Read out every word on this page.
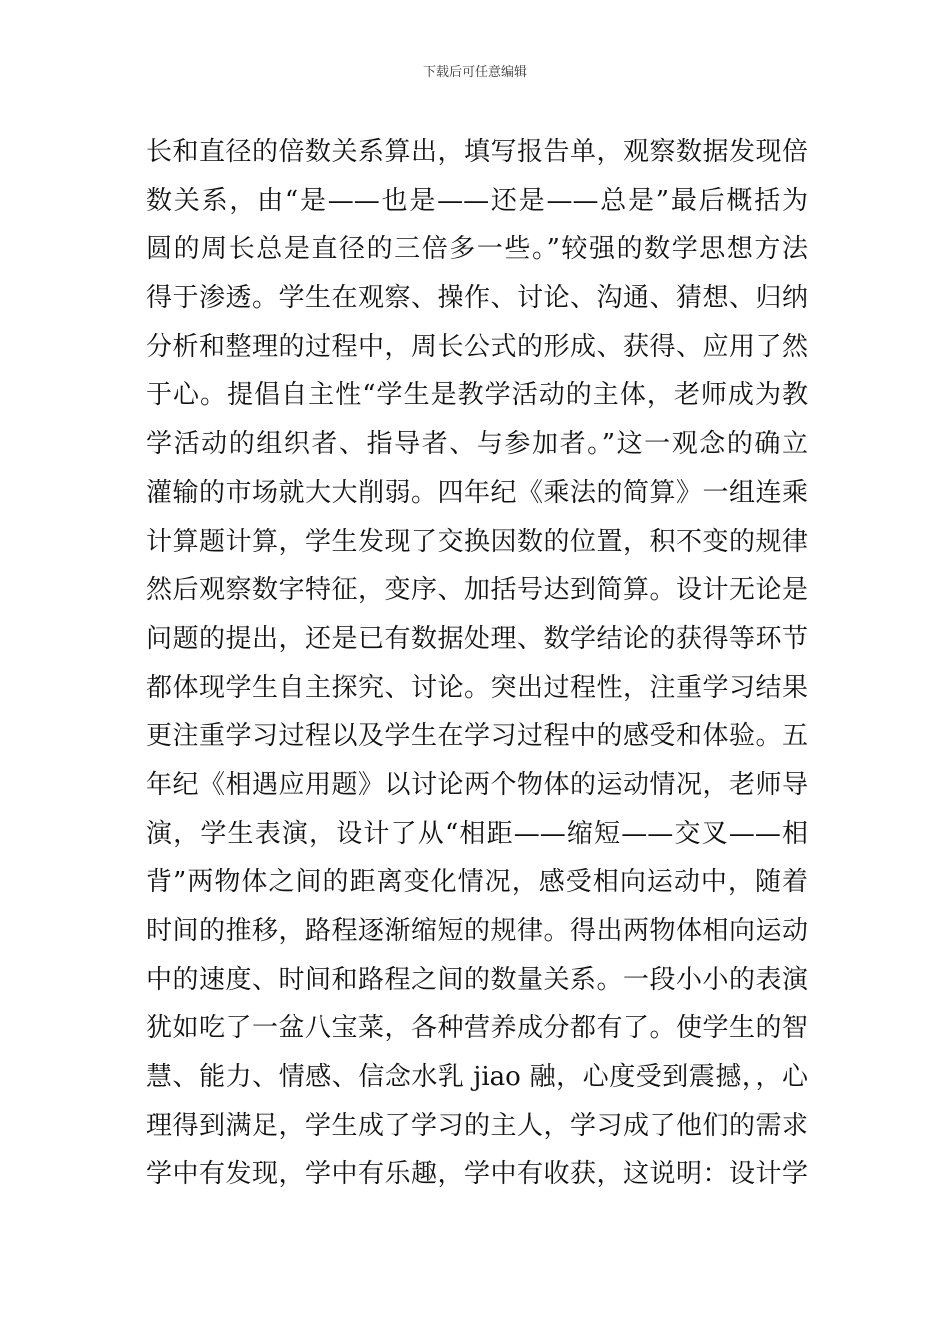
下载后可任意编辑
长和直径的倍数关系算出，填写报告单，观察数据发现倍
数关系，由“是——也是——还是——总是”最后概括为
圆的周长总是直径的三倍多一些。”较强的数学思想方法
得于渗透。学生在观察、操作、讨论、沟通、猜想、归纳
分析和整理的过程中，周长公式的形成、获得、应用了然
于心。提倡自主性“学生是教学活动的主体，老师成为教
学活动的组织者、指导者、与参加者。”这一观念的确立
灌输的市场就大大削弱。四年纪《乘法的简算》一组连乘
计算题计算，学生发现了交换因数的位置，积不变的规律
然后观察数字特征，变序、加括号达到简算。设计无论是
问题的提出，还是已有数据处理、数学结论的获得等环节
都体现学生自主探究、讨论。突出过程性，注重学习结果
更注重学习过程以及学生在学习过程中的感受和体验。五
年纪《相遇应用题》以讨论两个物体的运动情况，老师导
演，学生表演，设计了从“相距——缩短——交叉——相
背”两物体之间的距离变化情况，感受相向运动中，随着
时间的推移，路程逐渐缩短的规律。得出两物体相向运动
中的速度、时间和路程之间的数量关系。一段小小的表演
犹如吃了一盆八宝菜，各种营养成分都有了。使学生的智
慧、能力、情感、信念水乳 jiao 融，心度受到震撼，，心
理得到满足，学生成了学习的主人，学习成了他们的需求
学中有发现，学中有乐趣，学中有收获，这说明：设计学
